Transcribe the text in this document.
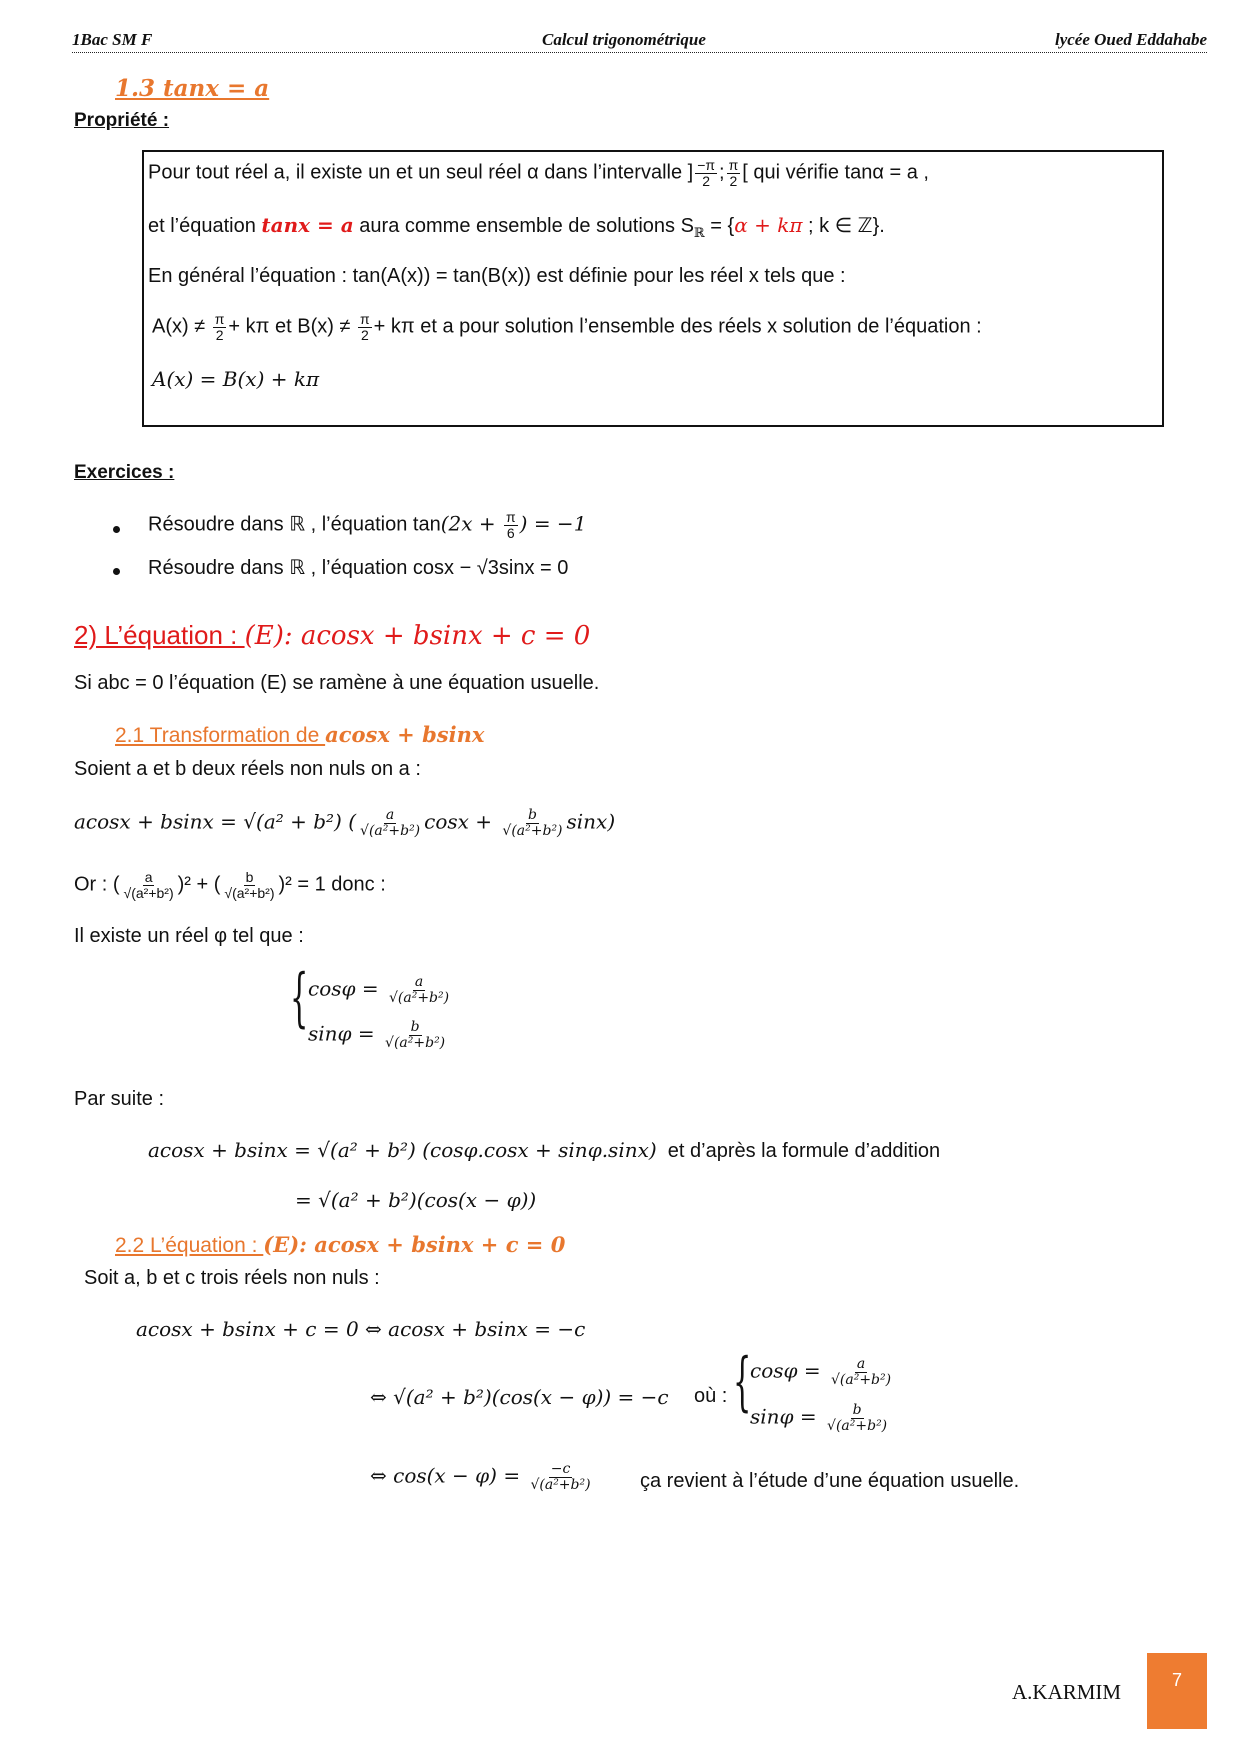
1Bac SM F	Calcul trigonométrique	lycée Oued Eddahabe
1.3 tanx = a
Propriété :
Pour tout réel a, il existe un et un seul réel α dans l’intervalle ] $\frac{-\pi}{2}$ ; $\frac{\pi}{2}$ [ qui vérifie tanα = a ,
et l’équation tanx = a aura comme ensemble de solutions $S_ℝ = \{\alpha + k\pi$ ; k ∈ ℤ}.
En général l’équation : tan(A(x)) = tan(B(x)) est définie pour les réel x tels que :
$A(x) \ne \frac{\pi}{2} + k\pi$ et $B(x) \ne \frac{\pi}{2} + k\pi$ et a pour solution l’ensemble des réels x solution de l’équation :
A(x) = B(x) + kπ
Exercices :
Résoudre dans ℝ , l’équation $\tan(2x + \frac{\pi}{6}$ ) = −1
Résoudre dans ℝ , l’équation cosx − √3sinx = 0
2) L’équation : (E): acosx + bsinx + c = 0
Si abc = 0 l’équation (E) se ramène à une équation usuelle.
2.1 Transformation de acosx + bsinx
Soient a et b deux réels non nuls on a :
acosx + bsinx = √(a² + b²) ( $\frac{a}{\text{√(a²+b²)}}$ $\cos x + \frac{b}{\text{√(a²+b²)}} \sin x$)
Or : ( $\frac{a}{\text{√(a²+b²)}} )^2$ + ( $\frac{b}{\text{√(a²+b²)}} )^2 = 1$ donc :
Il existe un réel φ tel que :
{ $\cos\varphi = \frac{a}{\text{√(a²+b²)}}$
$\sin\varphi = \frac{b}{\text{√(a²+b²)}}$
Par suite :
acosx + bsinx = √(a² + b²) (cosφ.cosx + sinφ.sinx) et d’après la formule d’addition
= √(a² + b²)(cos(x − φ))
2.2 L’équation : (E): acosx + bsinx + c = 0
Soit a, b et c trois réels non nuls :
acosx + bsinx + c = 0 ⇔ acosx + bsinx = −c
⇔ √(a² + b²)(cos(x − φ)) = −c où : {
$\cos\varphi = \frac{a}{\text{√(a²+b²)}}$
$\sin\varphi = \frac{b}{\text{√(a²+b²)}}$
⇔ $\cos(x - \varphi) = \frac{-c}{\text{√(a²+b²)}}$ ça revient à l’étude d’une équation usuelle.
A.KARMIM	7
